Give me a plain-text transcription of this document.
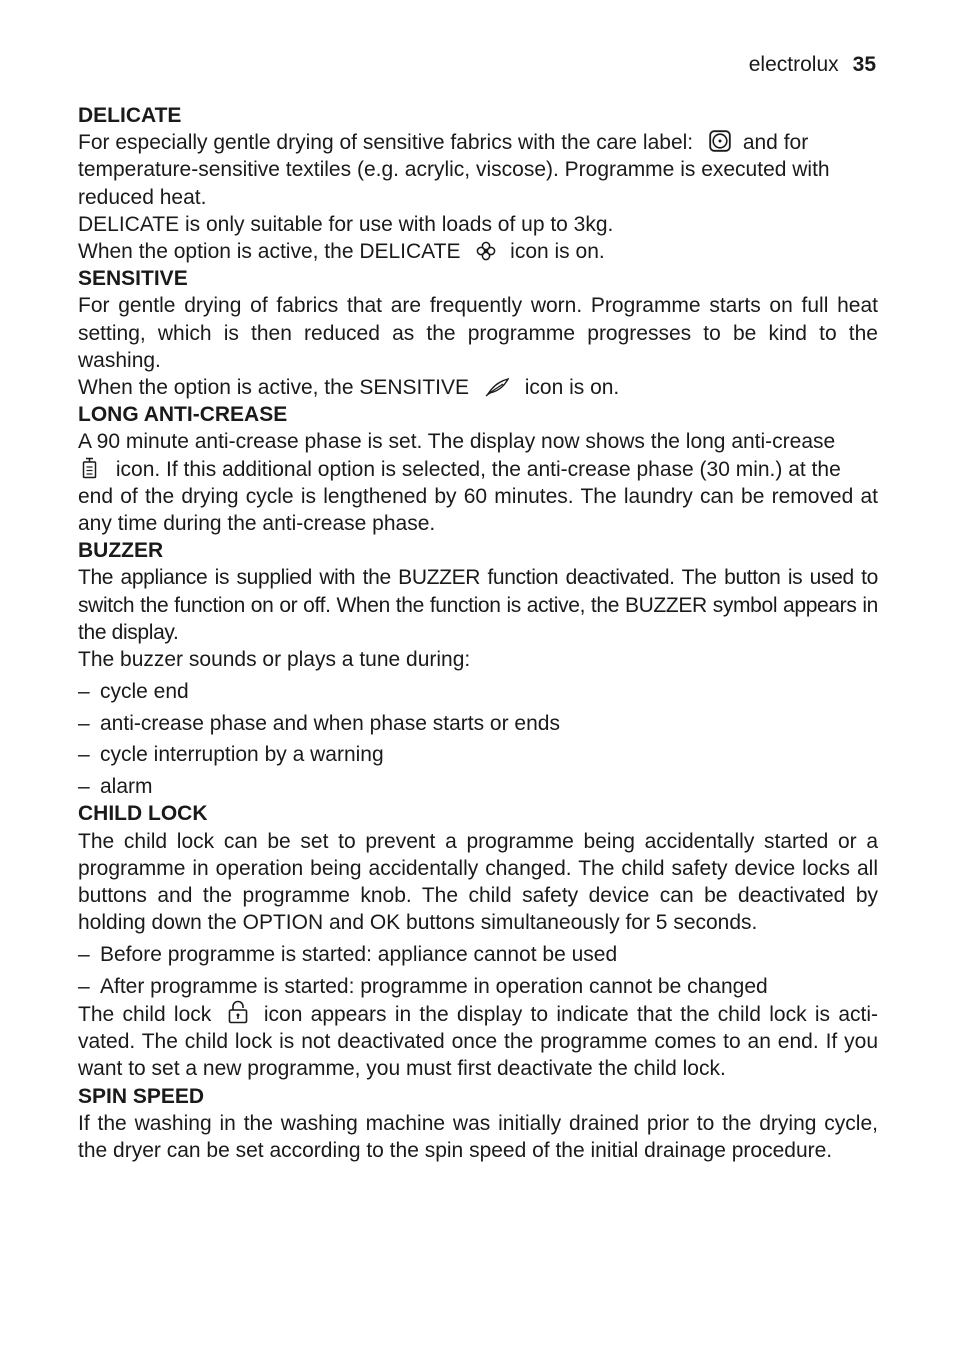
electrolux 35
DELICATE
For especially gentle drying of sensitive fabrics with the care label: and for
temperature-sensitive textiles (e.g. acrylic, viscose). Programme is executed with
reduced heat.
DELICATE is only suitable for use with loads of up to 3kg.
When the option is active, the DELICATE icon is on.
SENSITIVE
For gentle drying of fabrics that are frequently worn. Programme starts on full heat setting, which is then reduced as the programme progresses to be kind to the washing.
When the option is active, the SENSITIVE	icon is on.
LONG ANTI-CREASE
A 90 minute anti-crease phase is set. The display now shows the long anti-crease
icon. If this additional option is selected, the anti-crease phase (30 min.) at the
end of the drying cycle is lengthened by 60 minutes. The laundry can be removed at any time during the anti-crease phase.
BUZZER
The appliance is supplied with the BUZZER function deactivated. The button is used to switch the function on or off. When the function is active, the BUZZER symbol appears in the display.
The buzzer sounds or plays a tune during:
– cycle end
– anti-crease phase and when phase starts or ends
– cycle interruption by a warning
– alarm
CHILD LOCK
The child lock can be set to prevent a programme being accidentally started or a programme in operation being accidentally changed. The child safety device locks all buttons and the programme knob. The child safety device can be deactivated by holding down the OPTION and OK buttons simultaneously for 5 seconds.
– Before programme is started: appliance cannot be used
– After programme is started: programme in operation cannot be changed
The child lock	icon appears in the display to indicate that the child lock is acti-vated. The child lock is not deactivated once the programme comes to an end. If you want to set a new programme, you must first deactivate the child lock.
SPIN SPEED
If the washing in the washing machine was initially drained prior to the drying cycle, the dryer can be set according to the spin speed of the initial drainage procedure.
